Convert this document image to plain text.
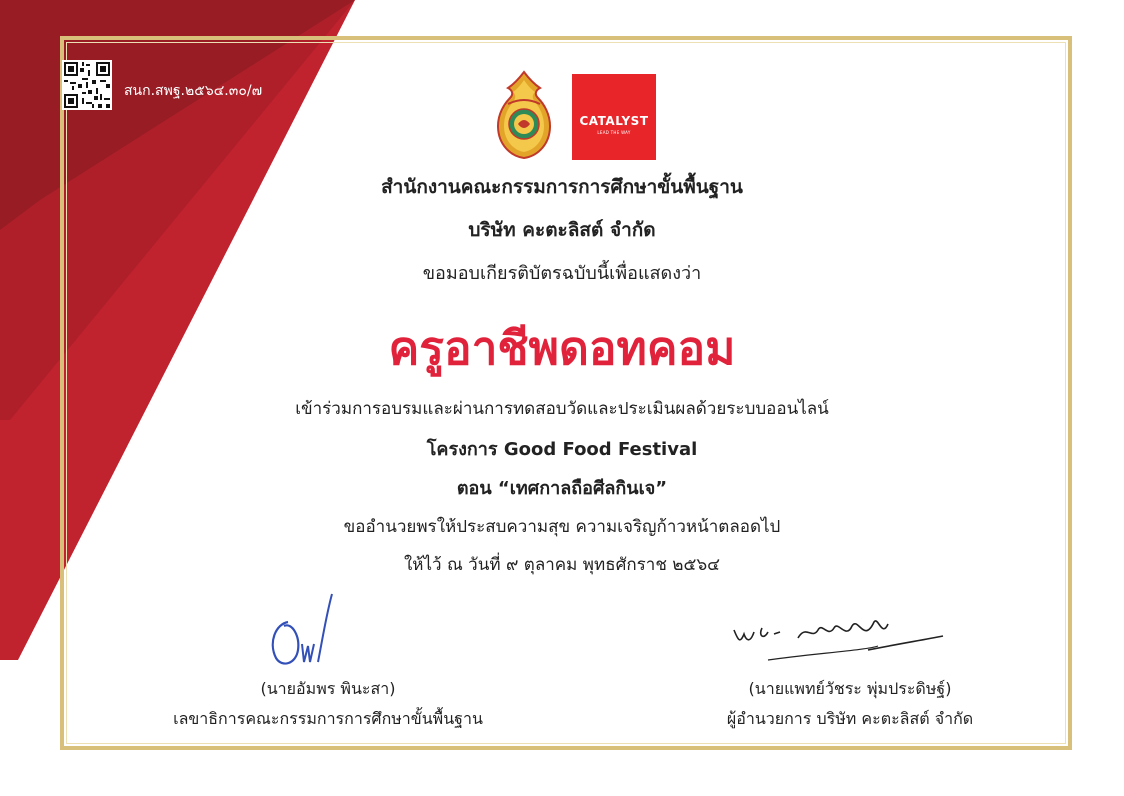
สนก.สพฐ.๒๕๖๔.๓๐/๗
CATALYST
LEAD THE WAY
สำนักงานคณะกรรมการการศึกษาขั้นพื้นฐาน
บริษัท คะตะลิสต์ จำกัด
ขอมอบเกียรติบัตรฉบับนี้เพื่อแสดงว่า
ครูอาชีพดอทคอม
เข้าร่วมการอบรมและผ่านการทดสอบวัดและประเมินผลด้วยระบบออนไลน์
โครงการ Good Food Festival
ตอน “เทศกาลถือศีลกินเจ”
ขออำนวยพรให้ประสบความสุข ความเจริญก้าวหน้าตลอดไป
ให้ไว้ ณ วันที่ ๙ ตุลาคม พุทธศักราช ๒๕๖๔
(นายอัมพร พินะสา)
เลขาธิการคณะกรรมการการศึกษาขั้นพื้นฐาน
(นายแพทย์วัชระ พุ่มประดิษฐ์)
ผู้อำนวยการ บริษัท คะตะลิสต์ จำกัด
